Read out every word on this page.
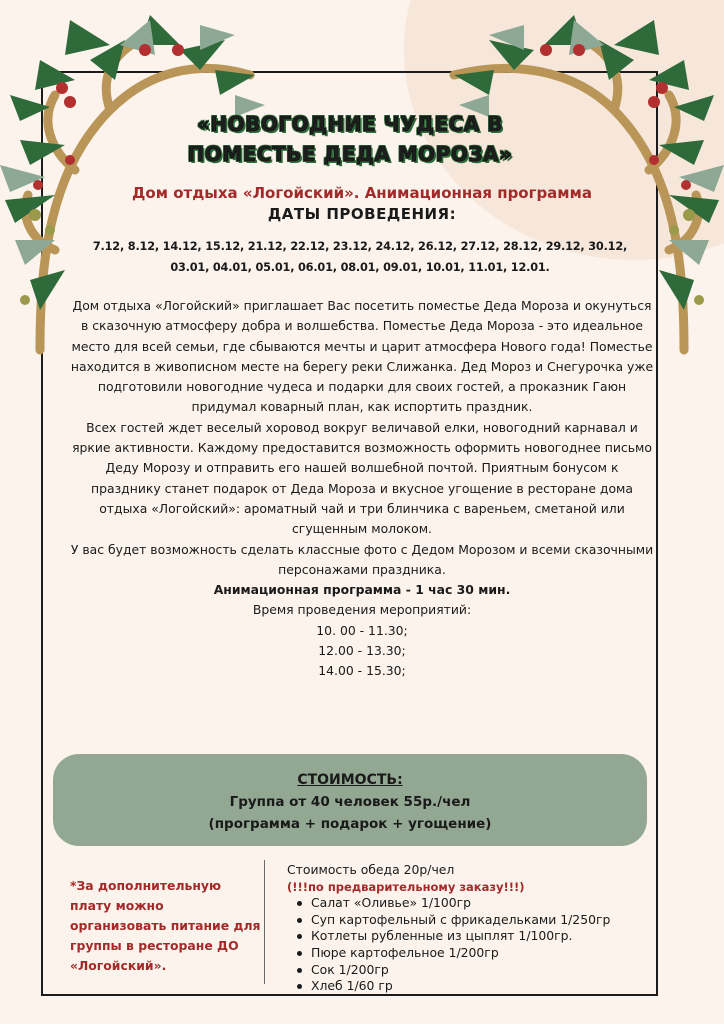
«НОВОГОДНИЕ ЧУДЕСА В
ПОМЕСТЬЕ ДЕДА МОРОЗА»
Дом отдыха «Логойский». Анимационная программа
ДАТЫ ПРОВЕДЕНИЯ:
7.12, 8.12, 14.12, 15.12, 21.12, 22.12, 23.12, 24.12, 26.12, 27.12, 28.12, 29.12, 30.12,
03.01, 04.01, 05.01, 06.01, 08.01, 09.01, 10.01, 11.01, 12.01.

Дом отдыха «Логойский» приглашает Вас посетить поместье Деда Мороза и окунуться в сказочную атмосферу добра и волшебства. Поместье Деда Мороза - это идеальное место для всей семьи, где сбываются мечты и царит атмосфера Нового года! Поместье находится в живописном месте на берегу реки Слижанка. Дед Мороз и Снегурочка уже подготовили новогодние чудеса и подарки для своих гостей, а проказник Гаюн придумал коварный план, как испортить праздник.

Всех гостей ждет веселый хоровод вокруг величавой елки, новогодний карнавал и яркие активности. Каждому предоставится возможность оформить новогоднее письмо Деду Морозу и отправить его нашей волшебной почтой. Приятным бонусом к празднику станет подарок от Деда Мороза и вкусное угощение в ресторане дома отдыха «Логойский»: ароматный чай и три блинчика с вареньем, сметаной или сгущенным молоком.

У вас будет возможность сделать классные фото с Дедом Морозом и всеми сказочными персонажами праздника.

Анимационная программа - 1 час 30 мин.

Время проведения мероприятий:

10. 00 - 11.30;

12.00 - 13.30;

14.00 - 15.30;

СТОИМОСТЬ:
Группа от 40 человек 55р./чел
(программа + подарок + угощение)
*За дополнительную плату можно организовать питание для группы в ресторане ДО «Логойский».
Стоимость обеда 20р/чел
(!!!по предварительному заказу!!!)
Салат «Оливье» 1/100гр
Суп картофельный с фрикадельками 1/250гр
Котлеты рубленные из цыплят 1/100гр.
Пюре картофельное 1/200гр
Сок 1/200гр
Хлеб 1/60 гр
